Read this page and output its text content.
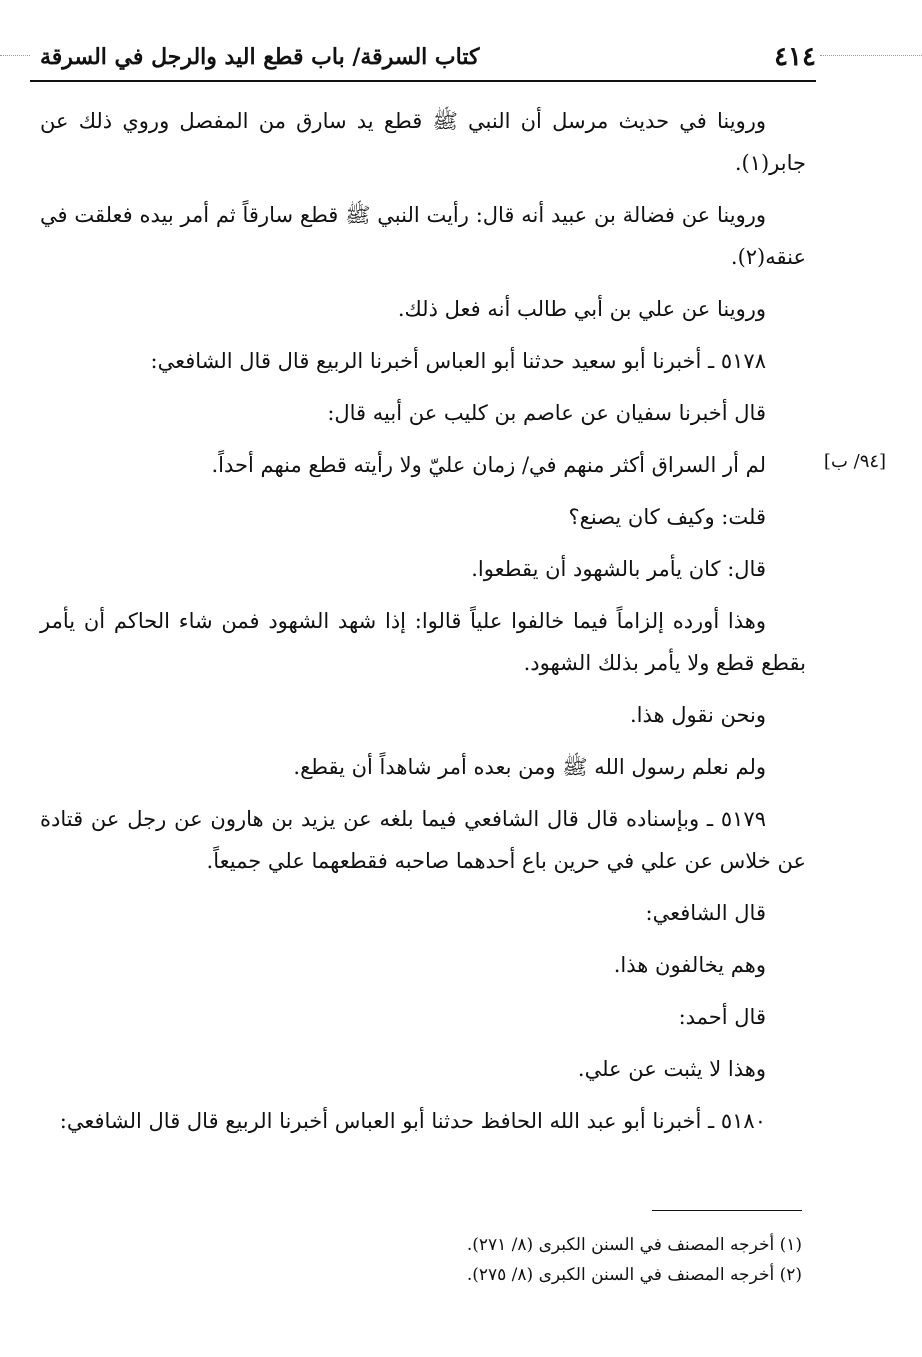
٤١٤
كتاب السرقة/ باب قطع اليد والرجل في السرقة
[٩٤/ ب]

وروينا في حديث مرسل أن النبي ﷺ قطع يد سارق من المفصل وروي ذلك عن جابر(١).

وروينا عن فضالة بن عبيد أنه قال: رأيت النبي ﷺ قطع سارقاً ثم أمر بيده فعلقت في عنقه(٢).

وروينا عن علي بن أبي طالب أنه فعل ذلك.

٥١٧٨ ـ أخبرنا أبو سعيد حدثنا أبو العباس أخبرنا الربيع قال قال الشافعي:

قال أخبرنا سفيان عن عاصم بن كليب عن أبيه قال:

لم أر السراق أكثر منهم في/ زمان عليّ ولا رأيته قطع منهم أحداً.

قلت: وكيف كان يصنع؟

قال: كان يأمر بالشهود أن يقطعوا.

وهذا أورده إلزاماً فيما خالفوا علياً قالوا: إذا شهد الشهود فمن شاء الحاكم أن يأمر بقطع قطع ولا يأمر بذلك الشهود.

ونحن نقول هذا.

ولم نعلم رسول الله ﷺ ومن بعده أمر شاهداً أن يقطع.

٥١٧٩ ـ وبإسناده قال قال الشافعي فيما بلغه عن يزيد بن هارون عن رجل عن قتادة عن خلاس عن علي في حرين باع أحدهما صاحبه فقطعهما علي جميعاً.

قال الشافعي:

وهم يخالفون هذا.

قال أحمد:

وهذا لا يثبت عن علي.

٥١٨٠ ـ أخبرنا أبو عبد الله الحافظ حدثنا أبو العباس أخبرنا الربيع قال قال الشافعي:

(١) أخرجه المصنف في السنن الكبرى (٨/ ٢٧١).
(٢) أخرجه المصنف في السنن الكبرى (٨/ ٢٧٥).
